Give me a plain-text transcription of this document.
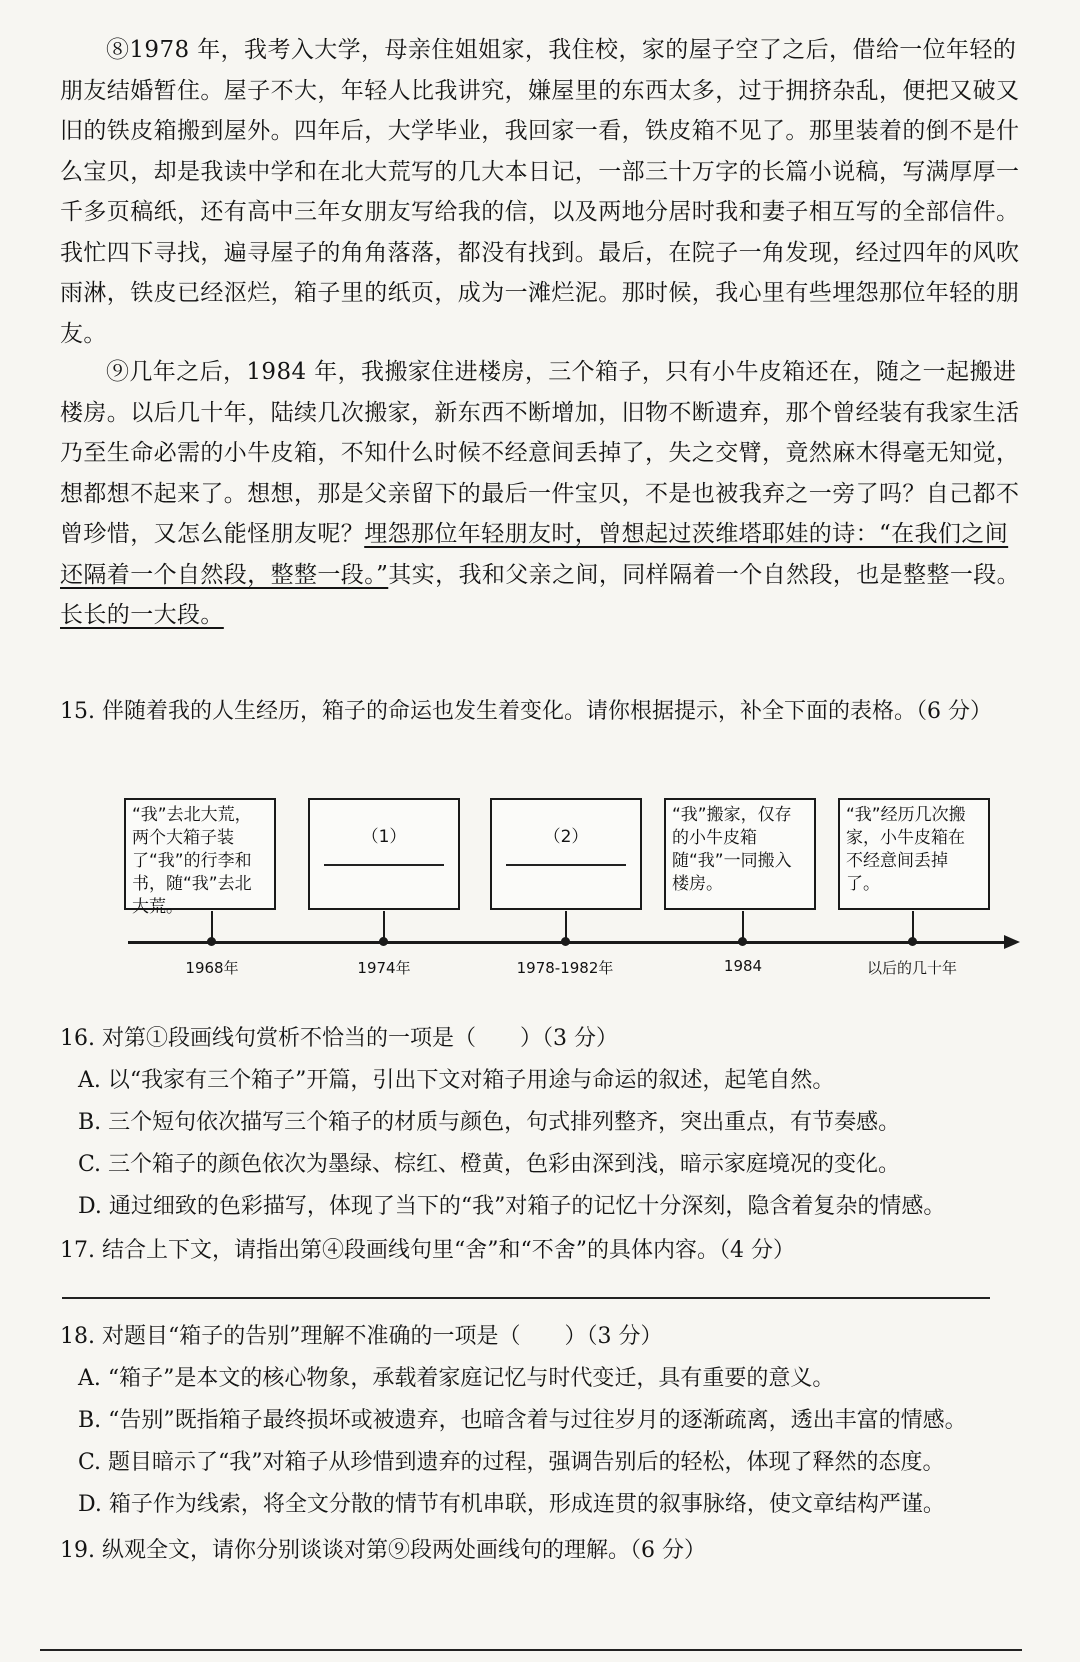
⑧1978 年，我考入大学，母亲住姐姐家，我住校，家的屋子空了之后，借给一位年轻的朋友结婚暂住。屋子不大，年轻人比我讲究，嫌屋里的东西太多，过于拥挤杂乱，便把又破又旧的铁皮箱搬到屋外。四年后，大学毕业，我回家一看，铁皮箱不见了。那里装着的倒不是什么宝贝，却是我读中学和在北大荒写的几大本日记，一部三十万字的长篇小说稿，写满厚厚一千多页稿纸，还有高中三年女朋友写给我的信，以及两地分居时我和妻子相互写的全部信件。我忙四下寻找，遍寻屋子的角角落落，都没有找到。最后，在院子一角发现，经过四年的风吹雨淋，铁皮已经沤烂，箱子里的纸页，成为一滩烂泥。那时候，我心里有些埋怨那位年轻的朋友。

⑨几年之后，1984 年，我搬家住进楼房，三个箱子，只有小牛皮箱还在，随之一起搬进楼房。以后几十年，陆续几次搬家，新东西不断增加，旧物不断遗弃，那个曾经装有我家生活乃至生命必需的小牛皮箱，不知什么时候不经意间丢掉了，失之交臂，竟然麻木得毫无知觉，想都想不起来了。想想，那是父亲留下的最后一件宝贝，不是也被我弃之一旁了吗？自己都不曾珍惜，又怎么能怪朋友呢？埋怨那位年轻朋友时，曾想起过茨维塔耶娃的诗：“在我们之间还隔着一个自然段，整整一段。”其实，我和父亲之间，同样隔着一个自然段，也是整整一段。长长的一大段。

15. 伴随着我的人生经历，箱子的命运也发生着变化。请你根据提示，补全下面的表格。（6 分）

“我”去北大荒，两个大箱子装了“我”的行李和书，随“我”去北大荒。
（1）	（2）
“我”搬家，仅存的小牛皮箱随“我”一同搬入楼房。
“我”经历几次搬家，小牛皮箱在不经意间丢掉了。
1968年	1974年	1978-1982年	1984	以后的几十年

16. 对第①段画线句赏析不恰当的一项是（　　）（3 分）

A. 以“我家有三个箱子”开篇，引出下文对箱子用途与命运的叙述，起笔自然。

B. 三个短句依次描写三个箱子的材质与颜色，句式排列整齐，突出重点，有节奏感。

C. 三个箱子的颜色依次为墨绿、棕红、橙黄，色彩由深到浅，暗示家庭境况的变化。

D. 通过细致的色彩描写，体现了当下的“我”对箱子的记忆十分深刻，隐含着复杂的情感。

17. 结合上下文，请指出第④段画线句里“舍”和“不舍”的具体内容。（4 分）

18. 对题目“箱子的告别”理解不准确的一项是（　　）（3 分）

A. “箱子”是本文的核心物象，承载着家庭记忆与时代变迁，具有重要的意义。

B. “告别”既指箱子最终损坏或被遗弃，也暗含着与过往岁月的逐渐疏离，透出丰富的情感。

C. 题目暗示了“我”对箱子从珍惜到遗弃的过程，强调告别后的轻松，体现了释然的态度。

D. 箱子作为线索，将全文分散的情节有机串联，形成连贯的叙事脉络，使文章结构严谨。

19. 纵观全文，请你分别谈谈对第⑨段两处画线句的理解。（6 分）
